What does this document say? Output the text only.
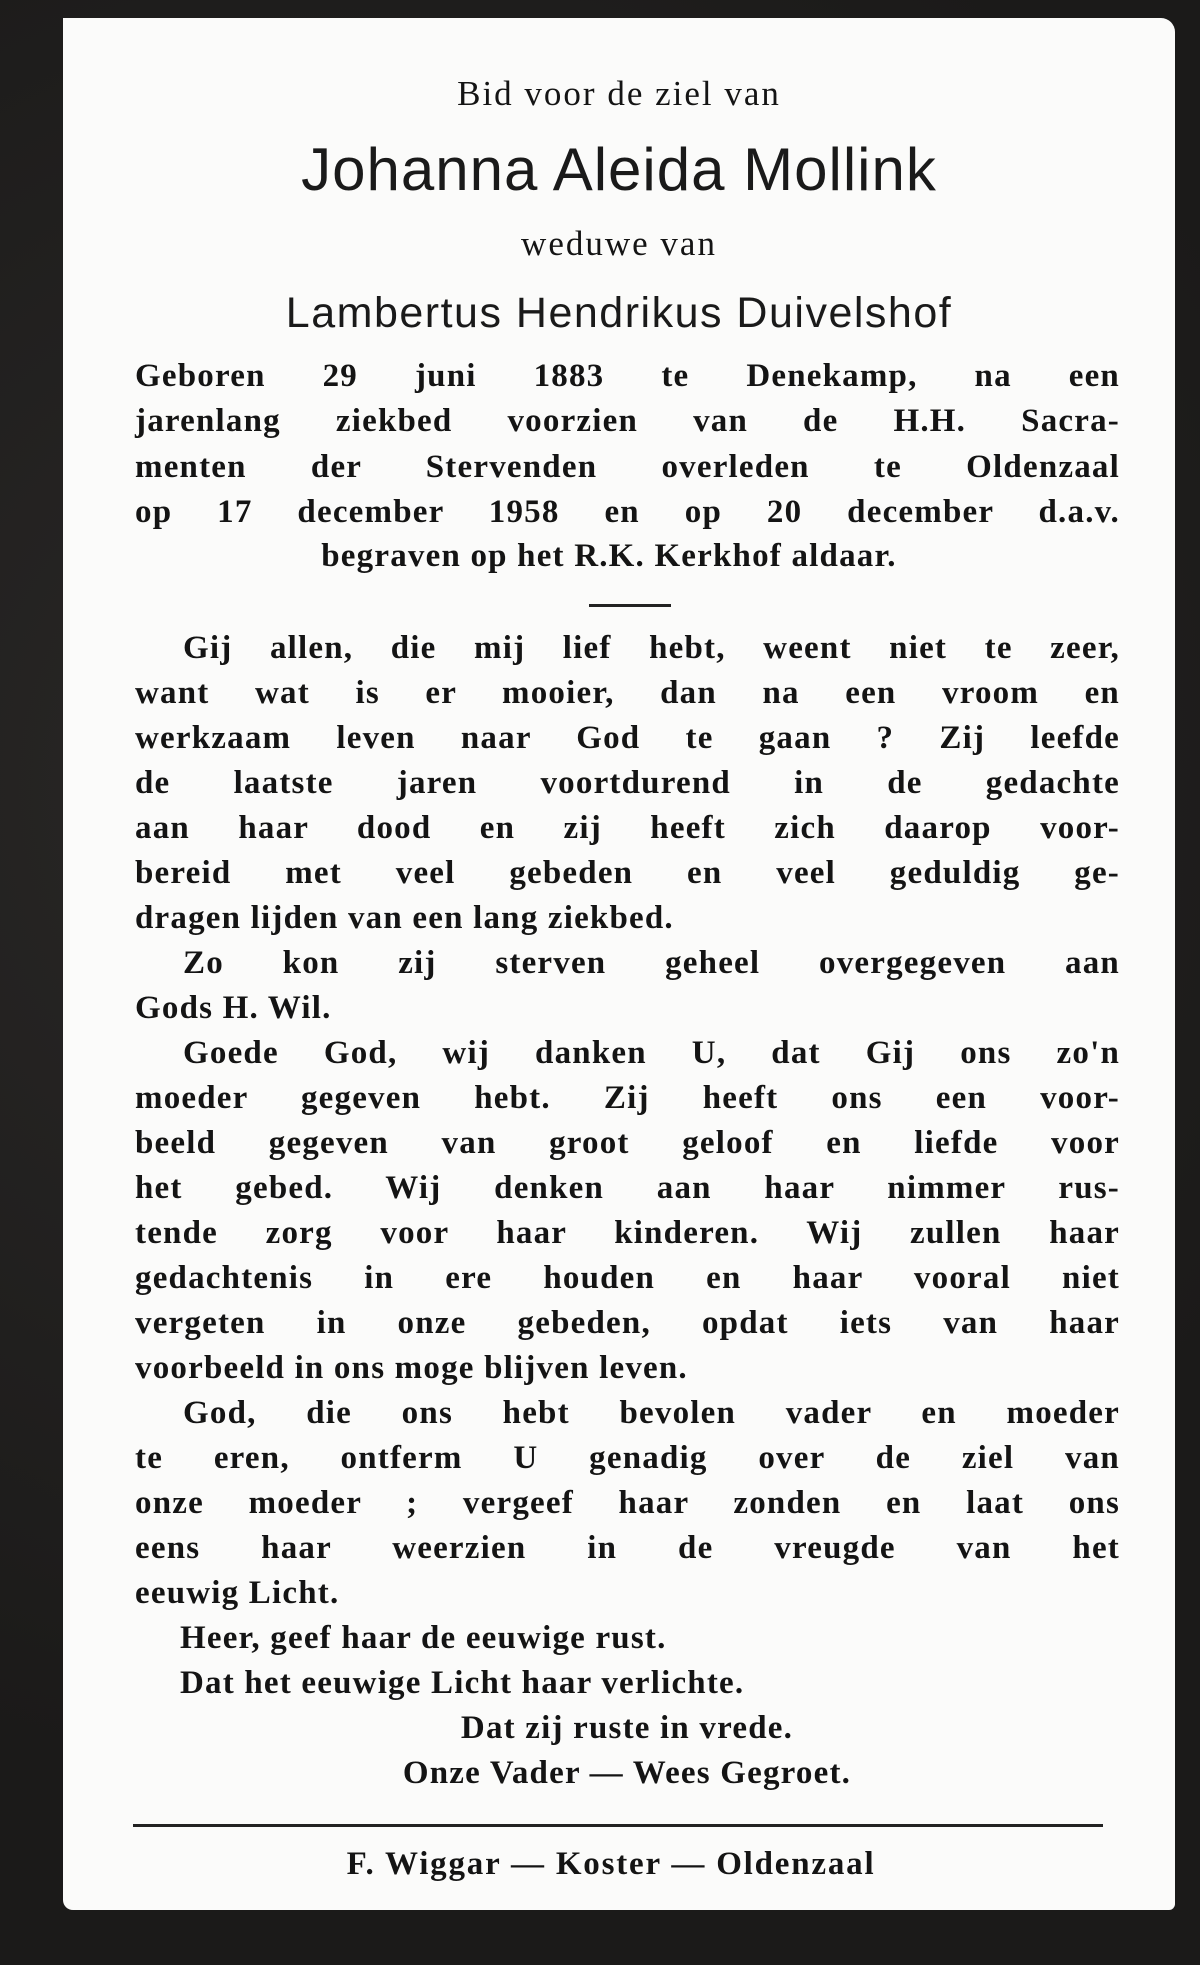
Bid voor de ziel van
Johanna Aleida Mollink
weduwe van
Lambertus Hendrikus Duivelshof
Geboren 29 juni 1883 te Denekamp, na een
jarenlang ziekbed voorzien van de H.H. Sacra-
menten der Stervenden overleden te Oldenzaal
op 17 december 1958 en op 20 december d.a.v.
begraven op het R.K. Kerkhof aldaar.
Gij allen, die mij lief hebt, weent niet te zeer,
want wat is er mooier, dan na een vroom en
werkzaam leven naar God te gaan ? Zij leefde
de laatste jaren voortdurend in de gedachte
aan haar dood en zij heeft zich daarop voor-
bereid met veel gebeden en veel geduldig ge-
dragen lijden van een lang ziekbed.
Zo kon zij sterven geheel overgegeven aan
Gods H. Wil.
Goede God, wij danken U, dat Gij ons zo'n
moeder gegeven hebt. Zij heeft ons een voor-
beeld gegeven van groot geloof en liefde voor
het gebed. Wij denken aan haar nimmer rus-
tende zorg voor haar kinderen. Wij zullen haar
gedachtenis in ere houden en haar vooral niet
vergeten in onze gebeden, opdat iets van haar
voorbeeld in ons moge blijven leven.
God, die ons hebt bevolen vader en moeder
te eren, ontferm U genadig over de ziel van
onze moeder ; vergeef haar zonden en laat ons
eens haar weerzien in de vreugde van het
eeuwig Licht.
Heer, geef haar de eeuwige rust.
Dat het eeuwige Licht haar verlichte.
Dat zij ruste in vrede.
Onze Vader — Wees Gegroet.
F. Wiggar — Koster — Oldenzaal
